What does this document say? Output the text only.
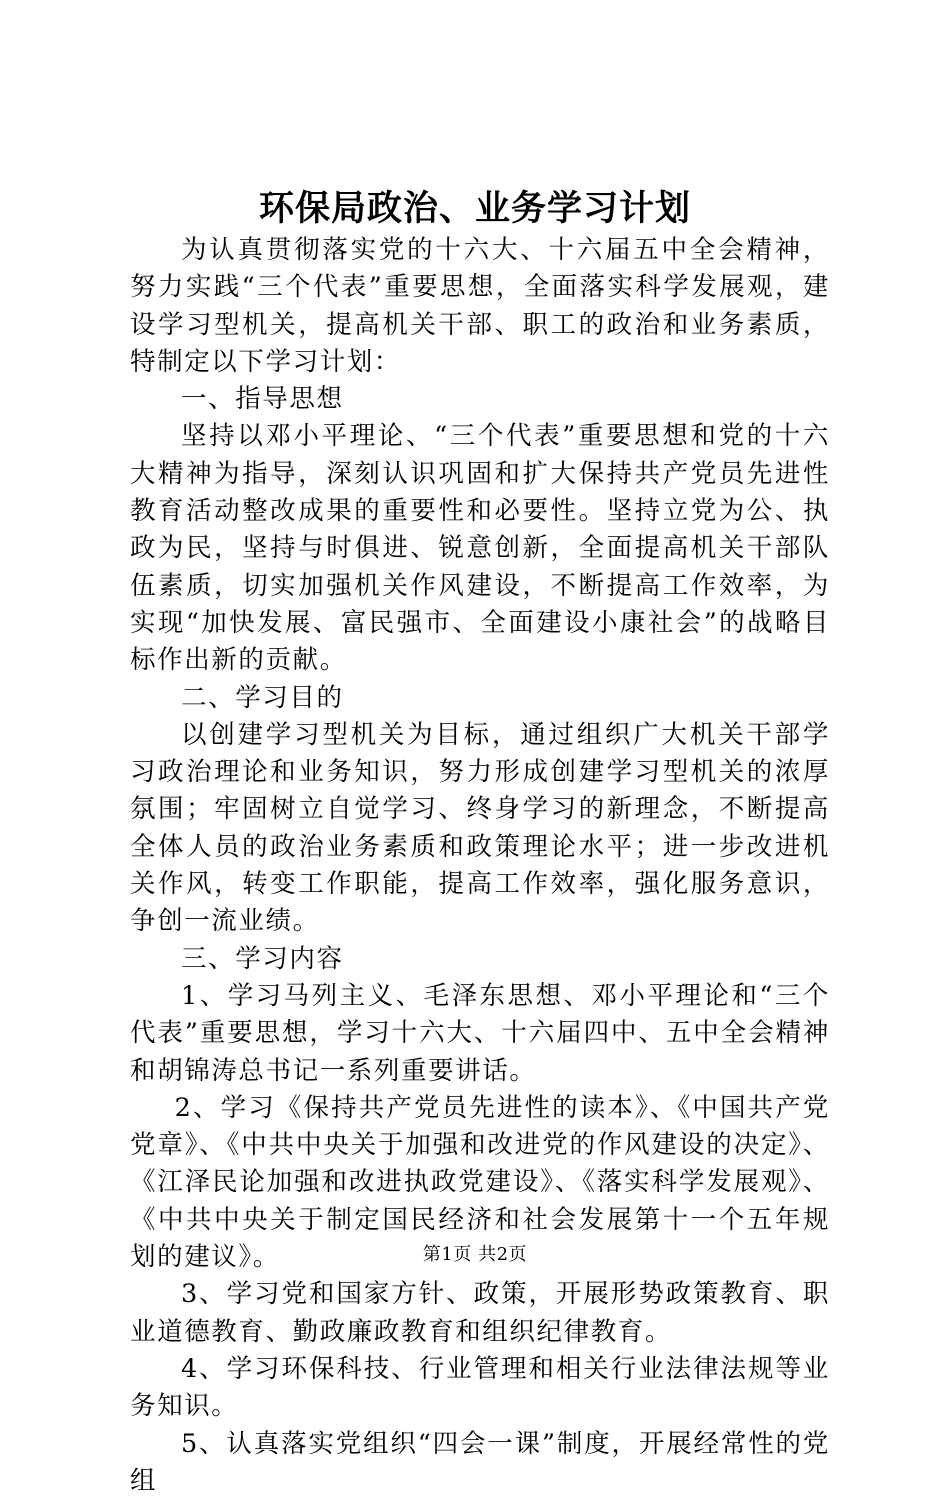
环保局政治、业务学习计划

为认真贯彻落实党的十六大、十六届五中全会精神，努力实践“三个代表”重要思想，全面落实科学发展观，建设学习型机关，提高机关干部、职工的政治和业务素质，特制定以下学习计划：

一、指导思想

坚持以邓小平理论、“三个代表”重要思想和党的十六大精神为指导，深刻认识巩固和扩大保持共产党员先进性教育活动整改成果的重要性和必要性。坚持立党为公、执政为民，坚持与时俱进、锐意创新，全面提高机关干部队伍素质，切实加强机关作风建设，不断提高工作效率，为实现“加快发展、富民强市、全面建设小康社会”的战略目标作出新的贡献。

二、学习目的

以创建学习型机关为目标，通过组织广大机关干部学习政治理论和业务知识，努力形成创建学习型机关的浓厚氛围；牢固树立自觉学习、终身学习的新理念，不断提高全体人员的政治业务素质和政策理论水平；进一步改进机关作风，转变工作职能，提高工作效率，强化服务意识，争创一流业绩。

三、学习内容

1、学习马列主义、毛泽东思想、邓小平理论和“三个代表”重要思想，学习十六大、十六届四中、五中全会精神和胡锦涛总书记一系列重要讲话。

2、学习《保持共产党员先进性的读本》、《中国共产党党章》、《中共中央关于加强和改进党的作风建设的决定》、《江泽民论加强和改进执政党建设》、《落实科学发展观》、《中共中央关于制定国民经济和社会发展第十一个五年规划的建议》。

3、学习党和国家方针、政策，开展形势政策教育、职业道德教育、勤政廉政教育和组织纪律教育。

4、学习环保科技、行业管理和相关行业法律法规等业务知识。

5、认真落实党组织“四会一课”制度，开展经常性的党组

第1页 共2页
